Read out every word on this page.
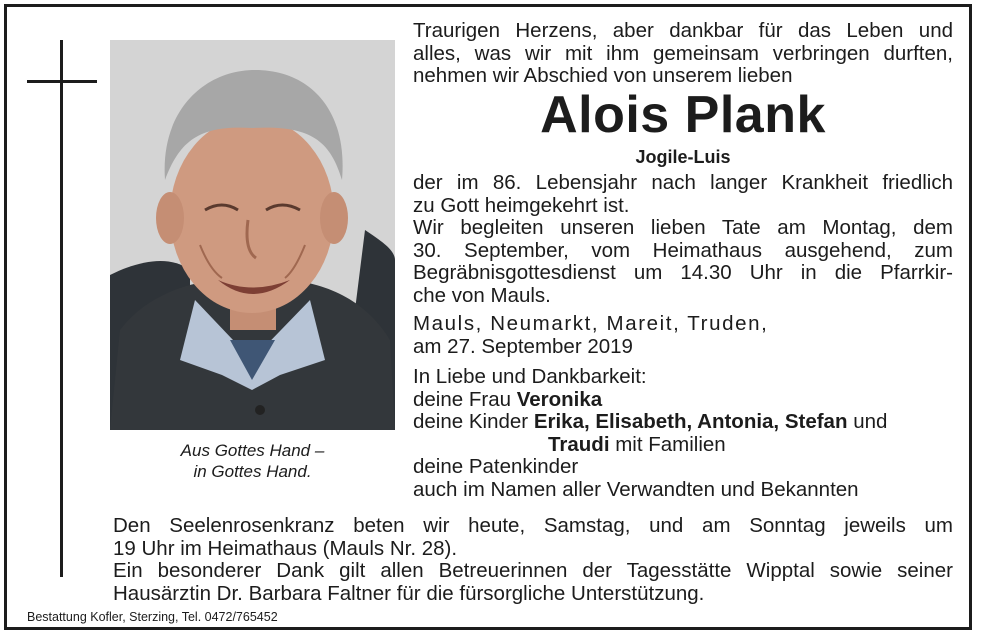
Aus Gottes Hand –
in Gottes Hand.
Traurigen Herzens, aber dankbar für das Leben und
alles, was wir mit ihm gemeinsam verbringen durften,
nehmen wir Abschied von unserem lieben
Alois Plank
Jogile-Luis
der im 86. Lebensjahr nach langer Krankheit friedlich
zu Gott heimgekehrt ist.
Wir begleiten unseren lieben Tate am Montag, dem
30. September, vom Heimathaus ausgehend, zum
Begräbnisgottesdienst um 14.30 Uhr in die Pfarrkir-
che von Mauls.
Mauls, Neumarkt, Mareit, Truden,
am 27. September 2019
In Liebe und Dankbarkeit:
deine Frau Veronika
deine Kinder Erika, Elisabeth, Antonia, Stefan und
Traudi mit Familien
deine Patenkinder
auch im Namen aller Verwandten und Bekannten
Den Seelenrosenkranz beten wir heute, Samstag, und am Sonntag jeweils um
19 Uhr im Heimathaus (Mauls Nr. 28).
Ein besonderer Dank gilt allen Betreuerinnen der Tagesstätte Wipptal sowie seiner
Hausärztin Dr. Barbara Faltner für die fürsorgliche Unterstützung.
Bestattung Kofler, Sterzing, Tel. 0472/765452
